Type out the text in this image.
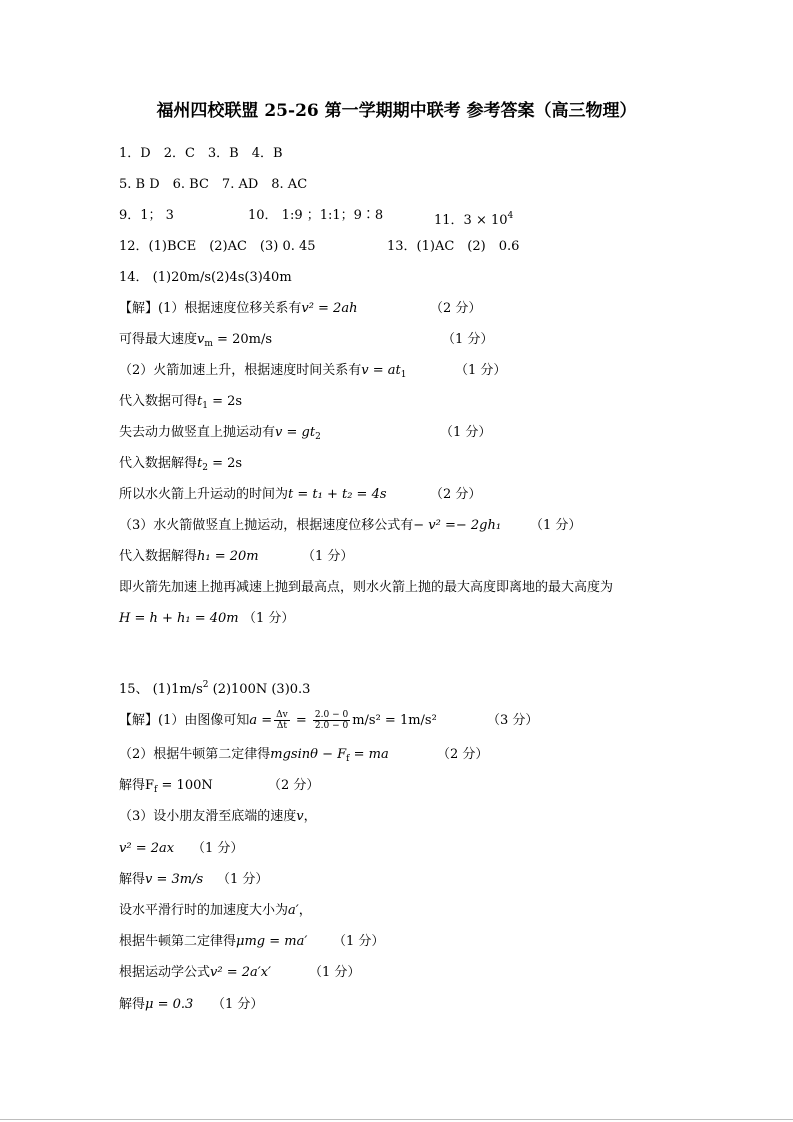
福州四校联盟 25-26 第一学期期中联考 参考答案（高三物理）
1．D　2．C　3．B　4．B
5. B D　6. BC　7. AD　8. AC
9．1； 3	10． 1:9 ；1:1；9∶8	11．$3 \times 10^4$
12．(1)BCE　(2)AC　(3) 0. 45	13．(1)AC　(2)　0.6
14． (1)20m/s(2)4s(3)40m
【解】(1）根据速度位移关系有v² = 2ah	（2 分）
可得最大速度$v_m = 20m/s$	（1 分）
（2）火箭加速上升，根据速度时间关系有$v = at_1$	（1 分）
代入数据可得$t_1 = 2s$
失去动力做竖直上抛运动有$v = gt_2$	（1 分）
代入数据解得$t_2 = 2s$
所以水火箭上升运动的时间为t = t₁ + t₂ = 4s	（2 分）
（3）水火箭做竖直上抛运动，根据速度位移公式有− v² =− 2gh₁ （1 分）
代入数据解得h₁ = 20m	（1 分）
即火箭先加速上抛再减速上抛到最高点，则水火箭上抛的最大高度即离地的最大高度为
H = h + h₁ = 40m （1 分）
15、 $(1)1m/s^2$ (2)100N (3)0.3
【解】(1）由图像可知$a = \frac{\Delta v}{\Delta t} = \frac{2.0 - 0}{2.0 - 0} m/s^2 = 1m/s^2$	（3 分）
（2）根据牛顿第二定律得$mgsin\theta - F_f$ = ma	（2 分）
解得$F_f = 100N$	（2 分）
（3）设小朋友滑至底端的速度v，
v² = 2ax （1 分）
解得v = 3m/s （1 分）
设水平滑行时的加速度大小为a′，
根据牛顿第二定律得μmg = ma′ （1 分）
根据运动学公式v² = 2a′x′	（1 分）
解得μ = 0.3 （1 分）
